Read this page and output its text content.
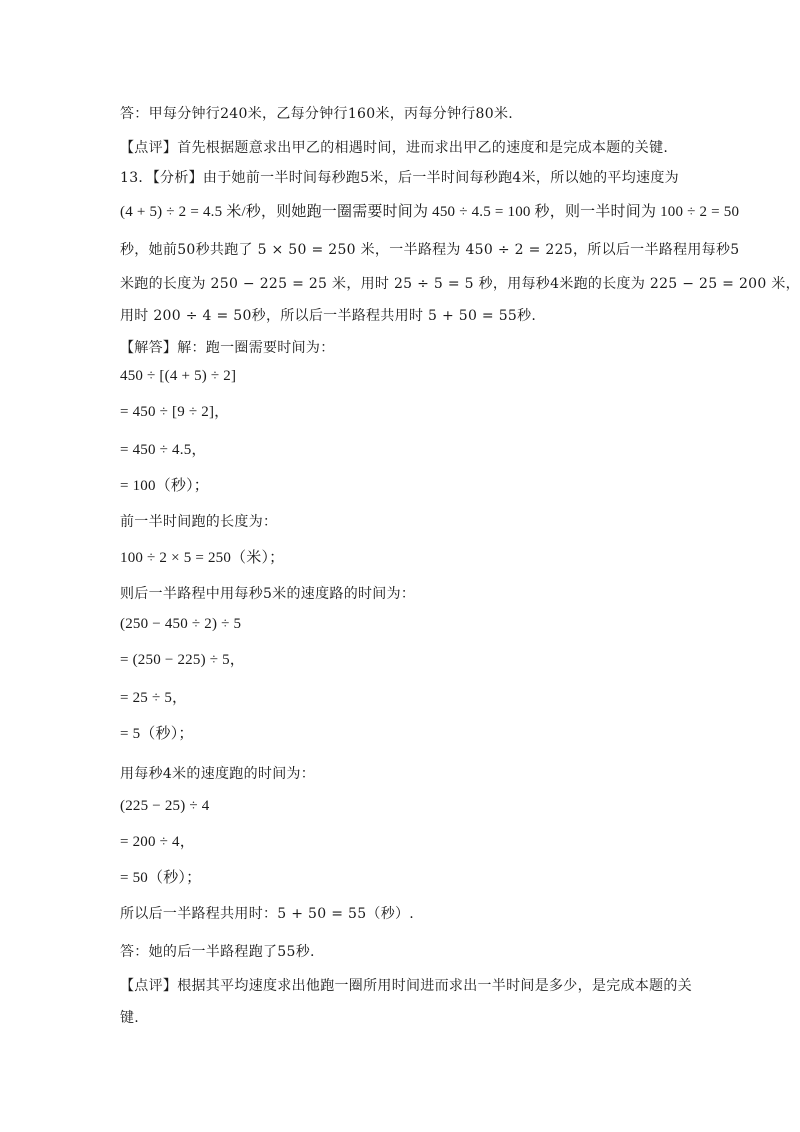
答：甲每分钟行240米，乙每分钟行160米，丙每分钟行80米.
【点评】首先根据题意求出甲乙的相遇时间，进而求出甲乙的速度和是完成本题的关键.
13．【分析】由于她前一半时间每秒跑5米，后一半时间每秒跑4米，所以她的平均速度为
(4 + 5) ÷ 2 = 4.5 米/秒，则她跑一圈需要时间为 450 ÷ 4.5 = 100 秒，则一半时间为 100 ÷ 2 = 50
秒，她前50秒共跑了 5 × 50 = 250 米，一半路程为 450 ÷ 2 = 225，所以后一半路程用每秒5
米跑的长度为 250 − 225 = 25 米，用时 25 ÷ 5 = 5 秒，用每秒4米跑的长度为 225 − 25 = 200 米，
用时 200 ÷ 4 = 50秒，所以后一半路程共用时 5 + 50 = 55秒.
【解答】解：跑一圈需要时间为：
450 ÷ [(4 + 5) ÷ 2]
= 450 ÷ [9 ÷ 2]，
= 450 ÷ 4.5，
= 100（秒）；
前一半时间跑的长度为：
100 ÷ 2 × 5 = 250（米）；
则后一半路程中用每秒5米的速度路的时间为：
(250 − 450 ÷ 2) ÷ 5
= (250 − 225) ÷ 5，
= 25 ÷ 5，
= 5（秒）；
用每秒4米的速度跑的时间为：
(225 − 25) ÷ 4
= 200 ÷ 4，
= 50（秒）；
所以后一半路程共用时：5 + 50 = 55（秒）.
答：她的后一半路程跑了55秒.
【点评】根据其平均速度求出他跑一圈所用时间进而求出一半时间是多少，是完成本题的关
键.
